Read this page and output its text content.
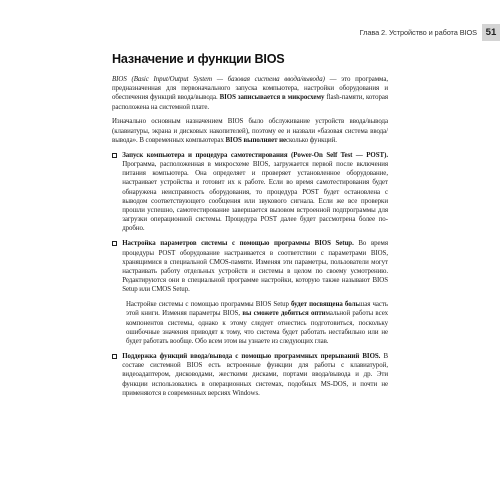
Глава 2. Устройство и работа BIOS 51
Назначение и функции BIOS

BIOS (Basic Input/Output System — базовая система ввода/вывода) — это программа, предназначенная для первоначального запуска компьютера, настройки оборудования и обеспечения функций ввода/вывода. BIOS записывается в микросхему flash-памяти, которая расположена на системной плате.

Изначально основным назначением BIOS было обслуживание устройств ввода/вывода (клавиатуры, экрана и дисковых накопителей), поэтому ее и назвали «базовая система ввода/вывода». В современных компьютерах BIOS выполняет несколько функций.

Запуск компьютера и процедура самотестирования (Power-On Self Test — POST). Программа, расположенная в микросхеме BIOS, загружается первой после включения питания компьютера. Она определяет и проверяет установленное оборудование, настраивает устройства и готовит их к работе. Если во время самотестирования будет обнаружена неисправность оборудования, то процедура POST будет остановлена с выводом соответствующего сообщения или звукового сигнала. Если же все проверки прошли успешно, самотестирование завершается вызовом встроенной подпрограммы для загрузки операционной системы. Процедура POST далее будет рассмотрена более подробно.

Настройка параметров системы с помощью программы BIOS Setup. Во время процедуры POST оборудование настраивается в соответствии с параметрами BIOS, хранящимися в специальной CMOS-памяти. Изменяя эти параметры, пользователи могут настраивать работу отдельных устройств и системы в целом по своему усмотрению. Редактируются они в специальной программе настройки, которую также называют BIOS Setup или CMOS Setup.

Настройке системы с помощью программы BIOS Setup будет посвящена большая часть этой книги. Изменяя параметры BIOS, вы сможете добиться оптимальной работы всех компонентов системы, однако к этому следует отнестись подготовиться, поскольку ошибочные значения приводят к тому, что система будет работать нестабильно или не будет работать вообще. Обо всем этом вы узнаете из следующих глав.

Поддержка функций ввода/вывода с помощью программных прерываний BIOS. В составе системной BIOS есть встроенные функции для работы с клавиатурой, видеоадаптером, дисководами, жесткими дисками, портами ввода/вывода и др. Эти функции использовались в операционных системах, подобных MS-DOS, и почти не применяются в современных версиях Windows.
